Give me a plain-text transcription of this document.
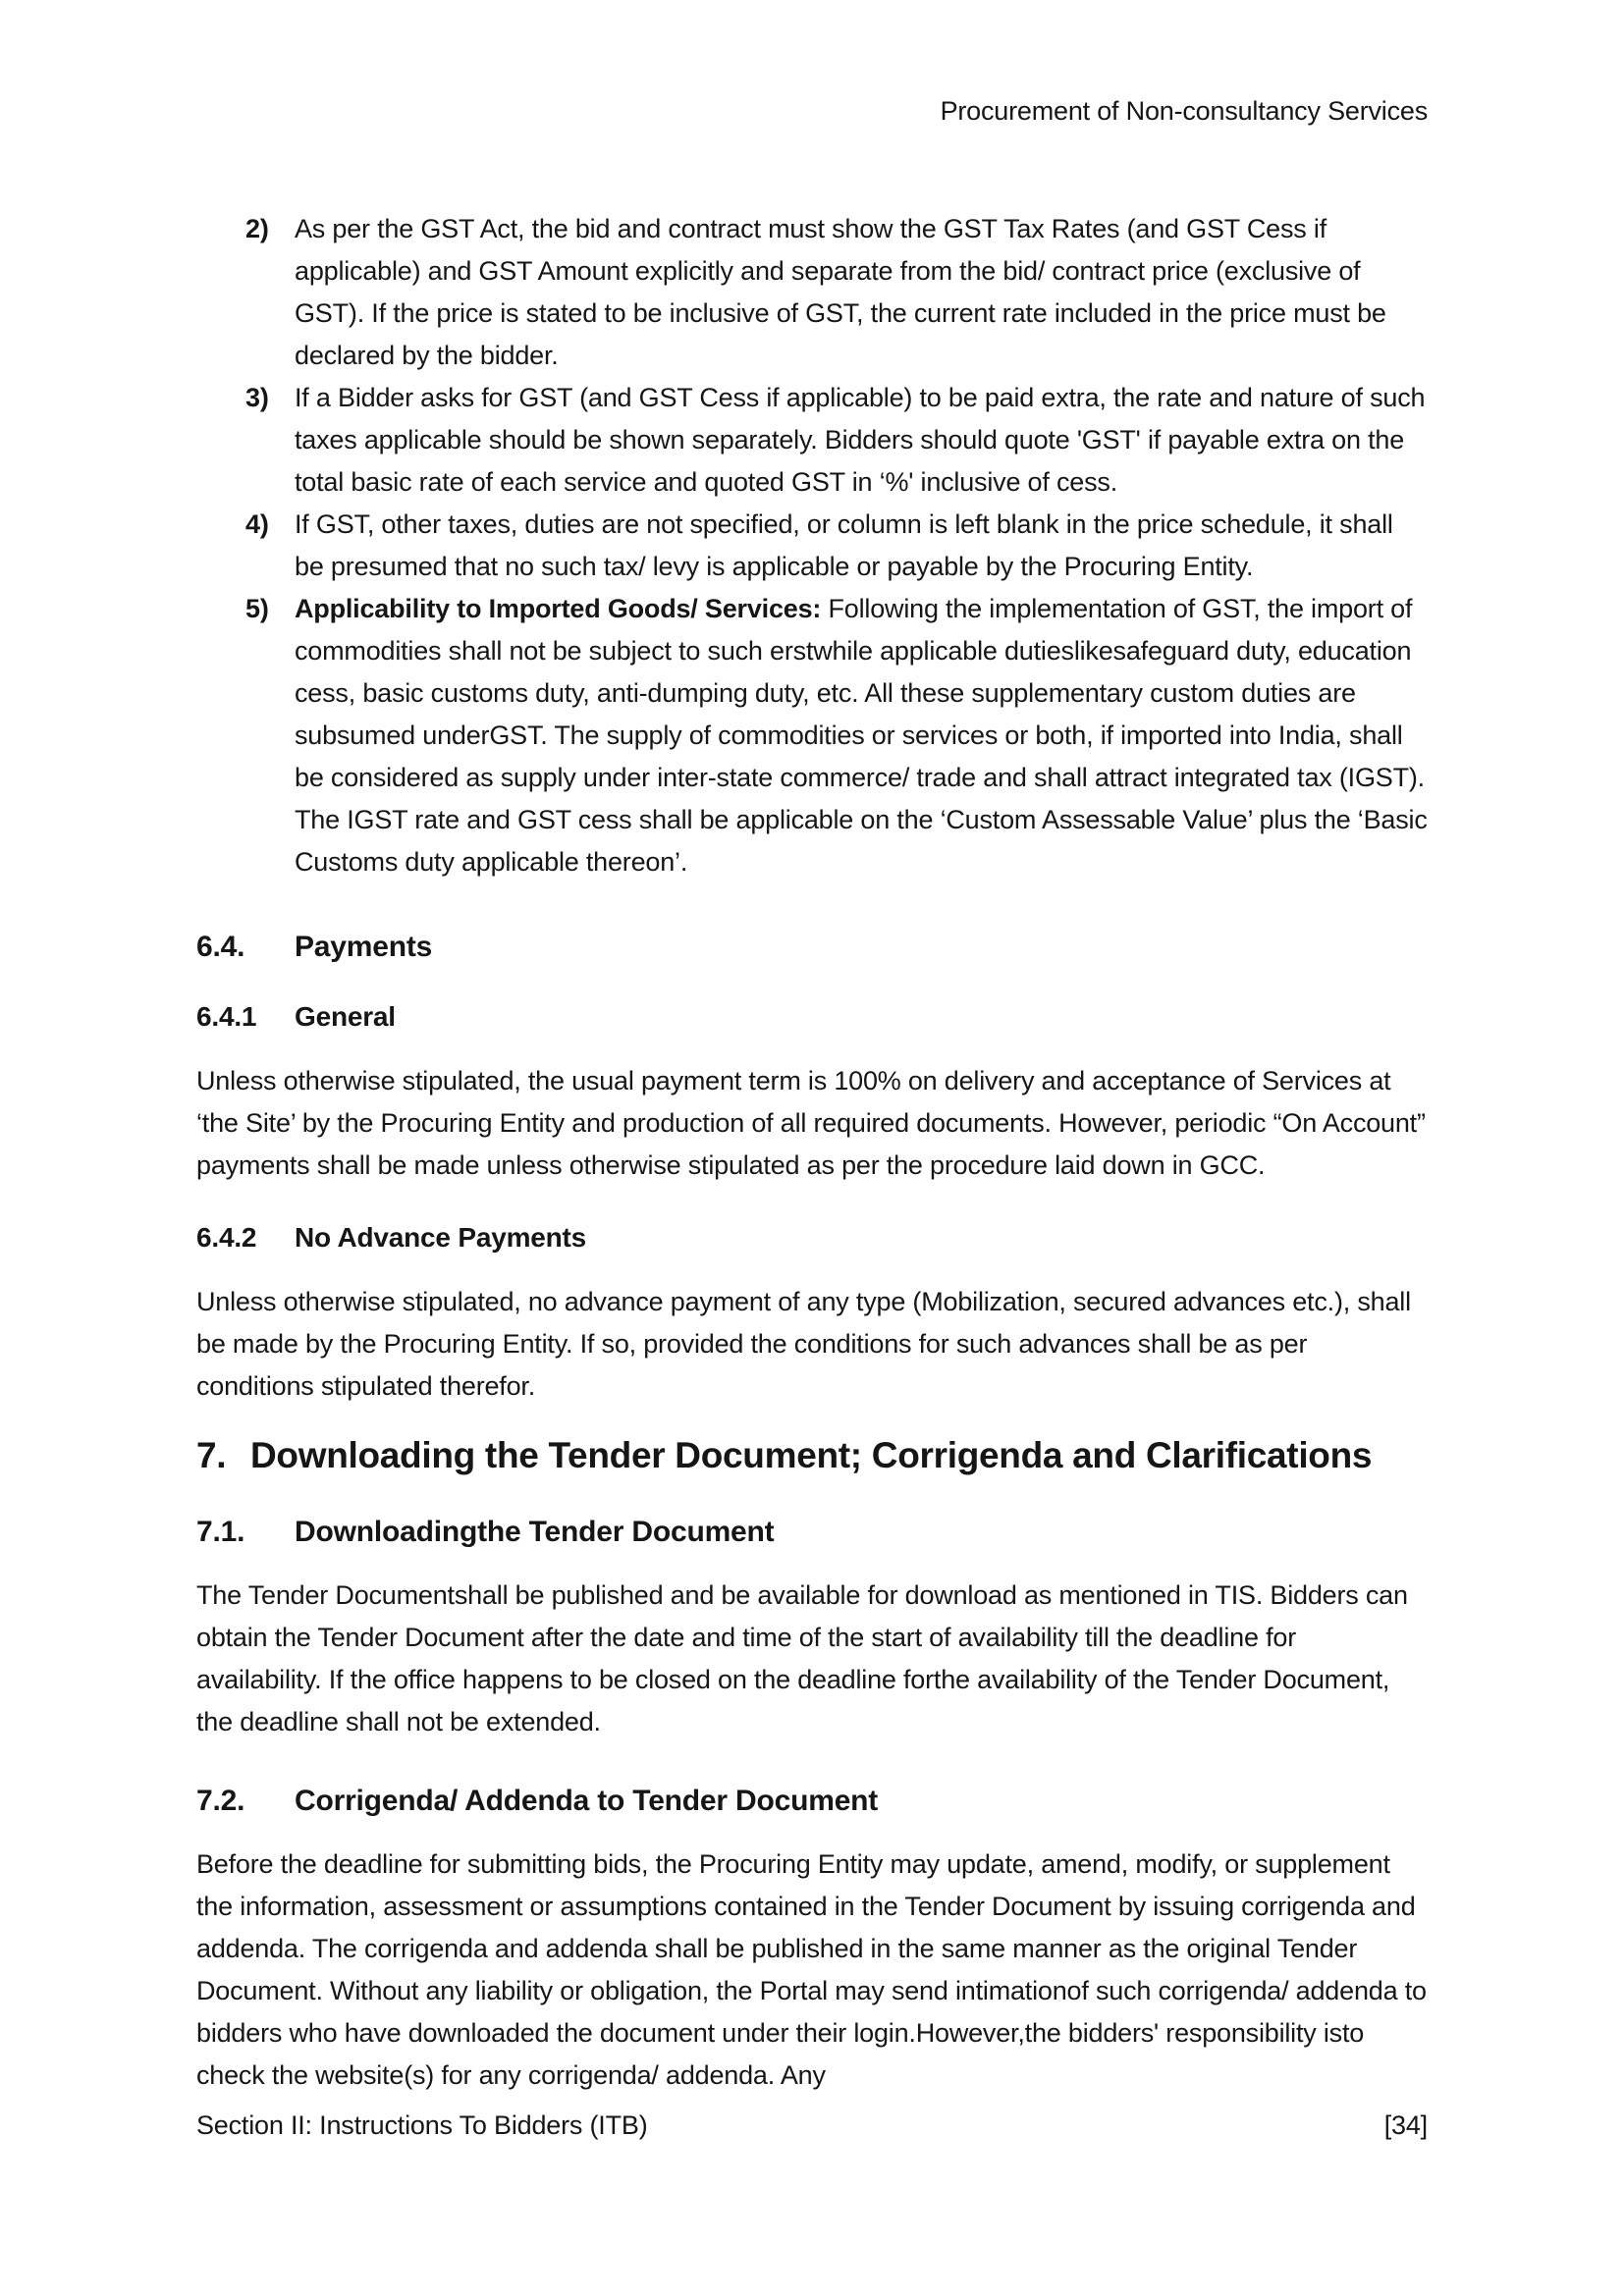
Procurement of Non-consultancy Services
2) As per the GST Act, the bid and contract must show the GST Tax Rates (and GST Cess if applicable) and GST Amount explicitly and separate from the bid/ contract price (exclusive of GST). If the price is stated to be inclusive of GST, the current rate included in the price must be declared by the bidder.
3) If a Bidder asks for GST (and GST Cess if applicable) to be paid extra, the rate and nature of such taxes applicable should be shown separately. Bidders should quote 'GST' if payable extra on the total basic rate of each service and quoted GST in ‘%' inclusive of cess.
4) If GST, other taxes, duties are not specified, or column is left blank in the price schedule, it shall be presumed that no such tax/ levy is applicable or payable by the Procuring Entity.
5) Applicability to Imported Goods/ Services: Following the implementation of GST, the import of commodities shall not be subject to such erstwhile applicable dutieslikesafeguard duty, education cess, basic customs duty, anti-dumping duty, etc. All these supplementary custom duties are subsumed underGST. The supply of commodities or services or both, if imported into India, shall be considered as supply under inter-state commerce/ trade and shall attract integrated tax (IGST). The IGST rate and GST cess shall be applicable on the ‘Custom Assessable Value’ plus the ‘Basic Customs duty applicable thereon’.
6.4. Payments
6.4.1 General
Unless otherwise stipulated, the usual payment term is 100% on delivery and acceptance of Services at ‘the Site’ by the Procuring Entity and production of all required documents. However, periodic “On Account” payments shall be made unless otherwise stipulated as per the procedure laid down in GCC.
6.4.2 No Advance Payments
Unless otherwise stipulated, no advance payment of any type (Mobilization, secured advances etc.), shall be made by the Procuring Entity. If so, provided the conditions for such advances shall be as per conditions stipulated therefor.
7. Downloading the Tender Document; Corrigenda and Clarifications
7.1. Downloadingthe Tender Document
The Tender Documentshall be published and be available for download as mentioned in TIS. Bidders can obtain the Tender Document after the date and time of the start of availability till the deadline for availability. If the office happens to be closed on the deadline forthe availability of the Tender Document, the deadline shall not be extended.
7.2. Corrigenda/ Addenda to Tender Document
Before the deadline for submitting bids, the Procuring Entity may update, amend, modify, or supplement the information, assessment or assumptions contained in the Tender Document by issuing corrigenda and addenda. The corrigenda and addenda shall be published in the same manner as the original Tender Document. Without any liability or obligation, the Portal may send intimationof such corrigenda/ addenda to bidders who have downloaded the document under their login.However,the bidders' responsibility isto check the website(s) for any corrigenda/ addenda. Any
Section II: Instructions To Bidders (ITB)	[34]
